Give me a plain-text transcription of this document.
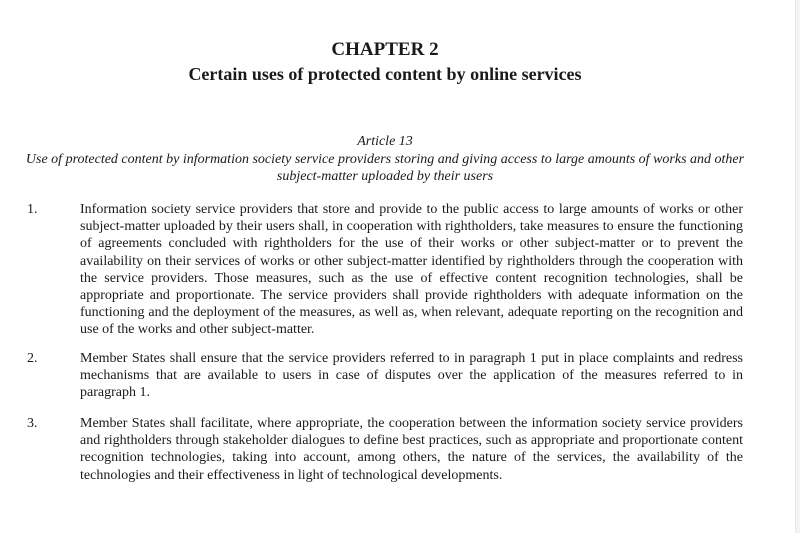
CHAPTER 2
Certain uses of protected content by online services
Article 13
Use of protected content by information society service providers storing and giving access to large amounts of works and other subject-matter uploaded by their users
1.	Information society service providers that store and provide to the public access to large amounts of works or other subject-matter uploaded by their users shall, in cooperation with rightholders, take measures to ensure the functioning of agreements concluded with rightholders for the use of their works or other subject-matter or to prevent the availability on their services of works or other subject-matter identified by rightholders through the cooperation with the service providers. Those measures, such as the use of effective content recognition technologies, shall be appropriate and proportionate. The service providers shall provide rightholders with adequate information on the functioning and the deployment of the measures, as well as, when relevant, adequate reporting on the recognition and use of the works and other subject-matter.

2.	Member States shall ensure that the service providers referred to in paragraph 1 put in place complaints and redress mechanisms that are available to users in case of disputes over the application of the measures referred to in paragraph 1.

3.	Member States shall facilitate, where appropriate, the cooperation between the information society service providers and rightholders through stakeholder dialogues to define best practices, such as appropriate and proportionate content recognition technologies, taking into account, among others, the nature of the services, the availability of the technologies and their effectiveness in light of technological developments.
